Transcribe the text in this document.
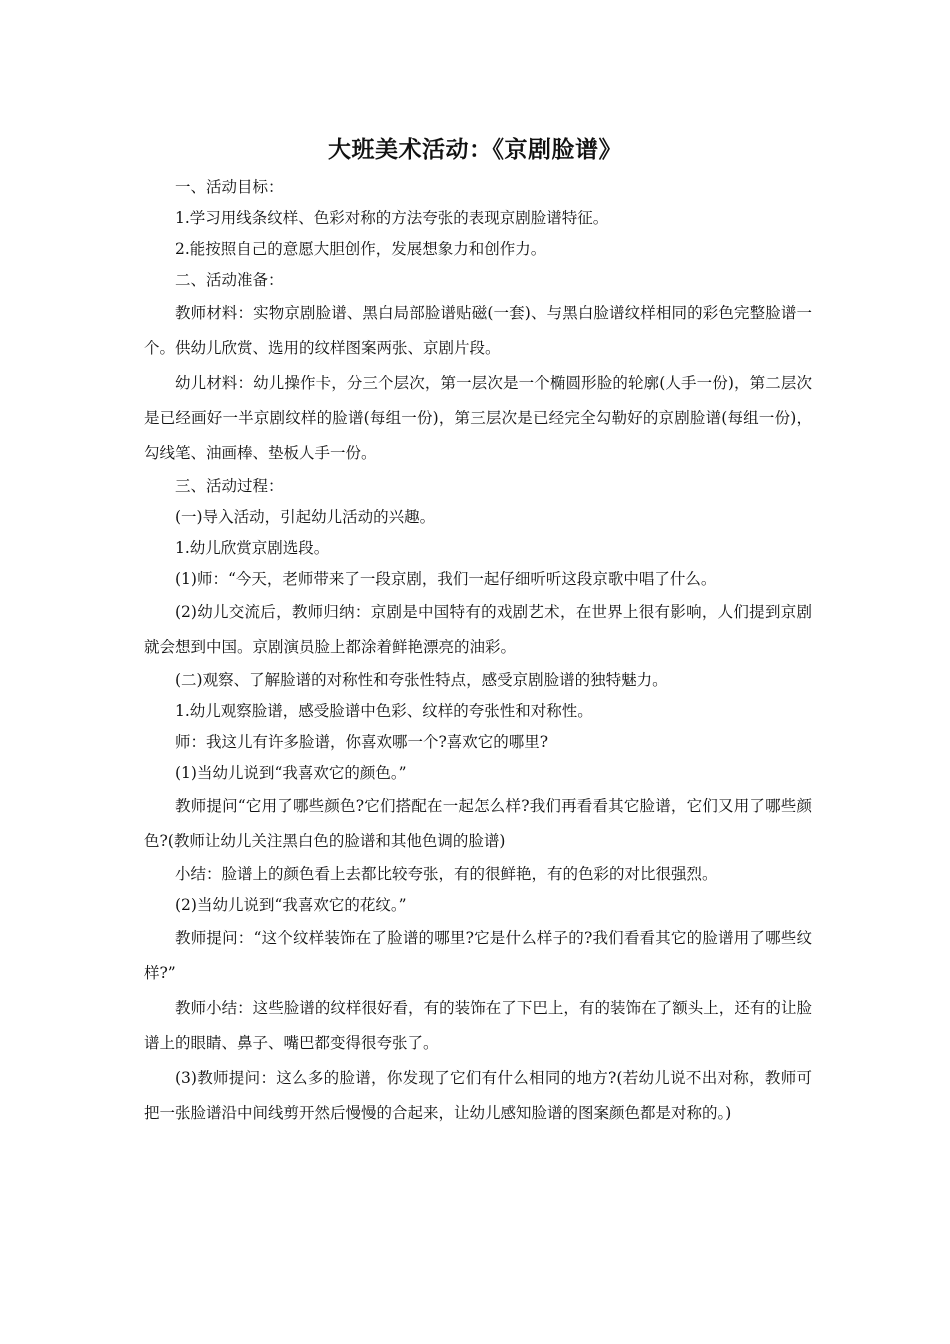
大班美术活动：《京剧脸谱》

一、活动目标：

1.学习用线条纹样、色彩对称的方法夸张的表现京剧脸谱特征。

2.能按照自己的意愿大胆创作，发展想象力和创作力。

二、活动准备：

教师材料：实物京剧脸谱、黑白局部脸谱贴磁(一套)、与黑白脸谱纹样相同的彩色完整脸谱一个。供幼儿欣赏、选用的纹样图案两张、京剧片段。

幼儿材料：幼儿操作卡，分三个层次，第一层次是一个椭圆形脸的轮廓(人手一份)，第二层次是已经画好一半京剧纹样的脸谱(每组一份)，第三层次是已经完全勾勒好的京剧脸谱(每组一份)，勾线笔、油画棒、垫板人手一份。

三、活动过程：

(一)导入活动，引起幼儿活动的兴趣。

1.幼儿欣赏京剧选段。

(1)师：“今天，老师带来了一段京剧，我们一起仔细听听这段京歌中唱了什么。

(2)幼儿交流后，教师归纳：京剧是中国特有的戏剧艺术，在世界上很有影响，人们提到京剧就会想到中国。京剧演员脸上都涂着鲜艳漂亮的油彩。

(二)观察、了解脸谱的对称性和夸张性特点，感受京剧脸谱的独特魅力。

1.幼儿观察脸谱，感受脸谱中色彩、纹样的夸张性和对称性。

师：我这儿有许多脸谱，你喜欢哪一个?喜欢它的哪里?

(1)当幼儿说到“我喜欢它的颜色。”

教师提问“它用了哪些颜色?它们搭配在一起怎么样?我们再看看其它脸谱，它们又用了哪些颜色?(教师让幼儿关注黑白色的脸谱和其他色调的脸谱)

小结：脸谱上的颜色看上去都比较夸张，有的很鲜艳，有的色彩的对比很强烈。

(2)当幼儿说到“我喜欢它的花纹。”

教师提问：“这个纹样装饰在了脸谱的哪里?它是什么样子的?我们看看其它的脸谱用了哪些纹样?”

教师小结：这些脸谱的纹样很好看，有的装饰在了下巴上，有的装饰在了额头上，还有的让脸谱上的眼睛、鼻子、嘴巴都变得很夸张了。

(3)教师提问：这么多的脸谱，你发现了它们有什么相同的地方?(若幼儿说不出对称，教师可把一张脸谱沿中间线剪开然后慢慢的合起来，让幼儿感知脸谱的图案颜色都是对称的。)
